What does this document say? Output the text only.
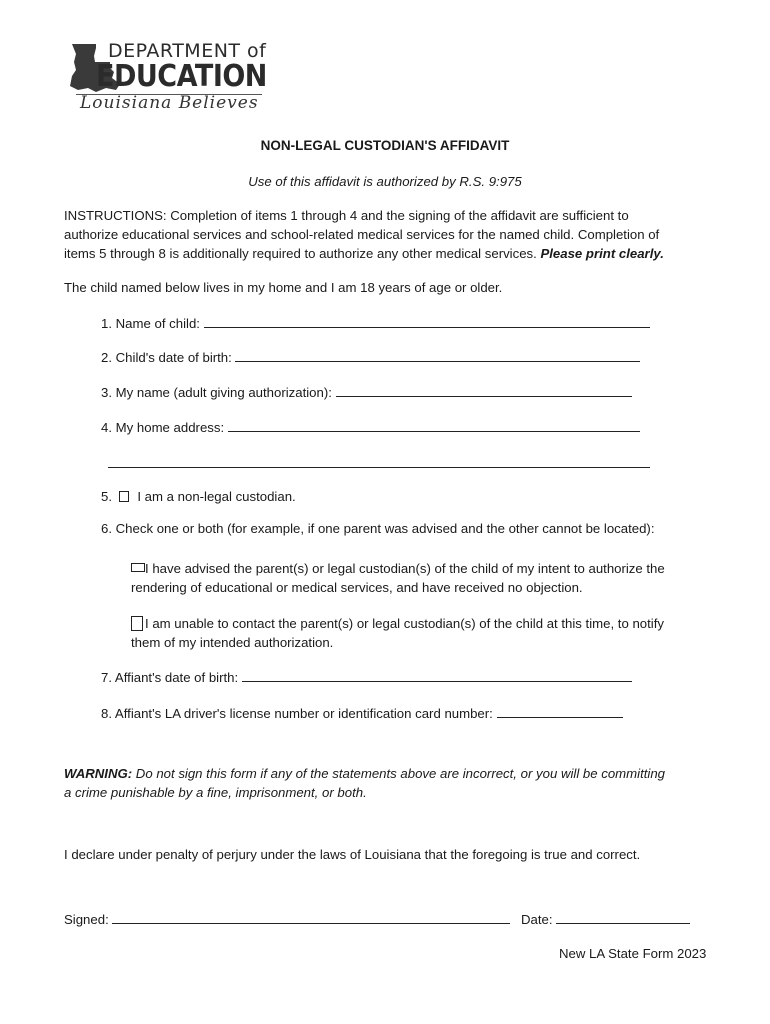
DEPARTMENT of
EDUCATION
Louisiana Believes
NON-LEGAL CUSTODIAN'S AFFIDAVIT
Use of this affidavit is authorized by R.S. 9:975
INSTRUCTIONS: Completion of items 1 through 4 and the signing of the affidavit are sufficient to
authorize educational services and school-related medical services for the named child. Completion of
items 5 through 8 is additionally required to authorize any other medical services. Please print clearly.
The child named below lives in my home and I am 18 years of age or older.
1. Name of child:
2. Child's date of birth:
3. My name (adult giving authorization):
4. My home address:
5. I am a non-legal custodian.
6. Check one or both (for example, if one parent was advised and the other cannot be located):
I have advised the parent(s) or legal custodian(s) of the child of my intent to authorize the
rendering of educational or medical services, and have received no objection.
I am unable to contact the parent(s) or legal custodian(s) of the child at this time, to notify
them of my intended authorization.
7. Affiant's date of birth:
8. Affiant's LA driver's license number or identification card number:
WARNING: Do not sign this form if any of the statements above are incorrect, or you will be committing
a crime punishable by a fine, imprisonment, or both.
I declare under penalty of perjury under the laws of Louisiana that the foregoing is true and correct.
Signed:	Date:
New LA State Form 2023
